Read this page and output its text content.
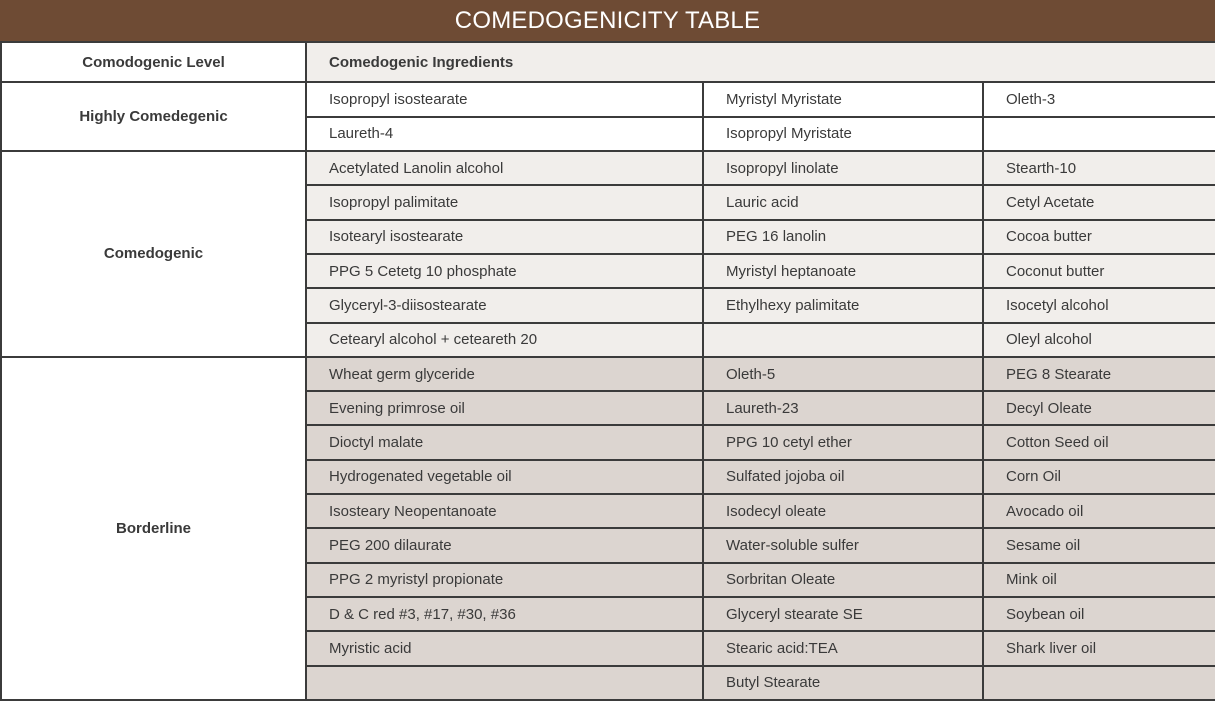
COMEDOGENICITY TABLE
Comodogenic Level	Comedogenic Ingredients		
Highly Comedegenic	Isopropyl isostearate	Myristyl Myristate	Oleth-3
	Laureth-4	Isopropyl Myristate	
Comedogenic	Acetylated Lanolin alcohol	Isopropyl linolate	Stearth-10
	Isopropyl palimitate	Lauric acid	Cetyl Acetate
	Isotearyl isostearate	PEG 16 lanolin	Cocoa butter
	PPG 5 Cetetg 10 phosphate	Myristyl heptanoate	Coconut butter
	Glyceryl-3-diisostearate	Ethylhexy palimitate	Isocetyl alcohol
	Cetearyl alcohol + ceteareth 20		Oleyl alcohol
Borderline	Wheat germ glyceride	Oleth-5	PEG 8 Stearate
	Evening primrose oil	Laureth-23	Decyl Oleate
	Dioctyl malate	PPG 10 cetyl ether	Cotton Seed oil
	Hydrogenated vegetable oil	Sulfated jojoba oil	Corn Oil
	Isosteary Neopentanoate	Isodecyl oleate	Avocado oil
	PEG 200 dilaurate	Water-soluble sulfer	Sesame oil
	PPG 2 myristyl propionate	Sorbritan Oleate	Mink oil
	D & C red #3, #17, #30, #36	Glyceryl stearate SE	Soybean oil
	Myristic acid	Stearic acid:TEA	Shark liver oil
		Butyl Stearate	
